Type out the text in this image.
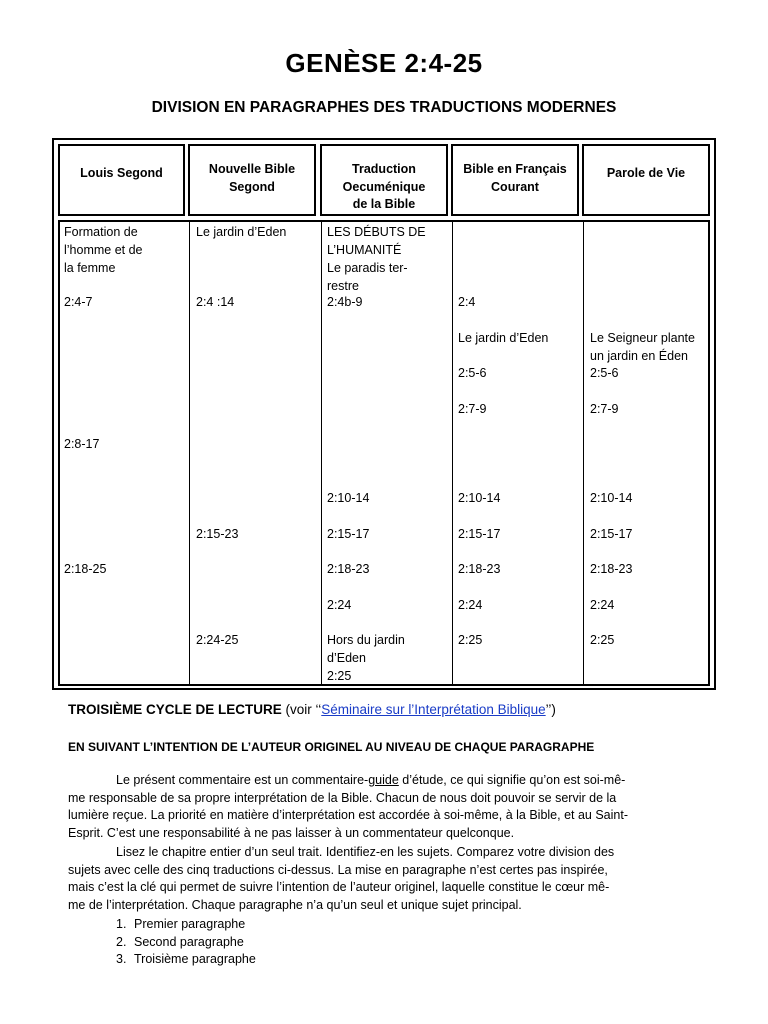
GENÈSE 2:4-25
DIVISION EN PARAGRAPHES DES TRADUCTIONS MODERNES
Louis Segond	Nouvelle Bible
Segond
Traduction
Oecuménique
de la Bible
Bible en Français
Courant
Parole de Vie
Formation de
l’homme et de
la femme
2:4-7
2:8-17
2:18-25
Le jardin d’Eden
2:4 :14
2:15-23
2:24-25
LES DÉBUTS DE
L’HUMANITÉ
Le paradis ter-
restre
2:4b-9
2:10-14
2:15-17
2:18-23
2:24
Hors du jardin
d’Eden
2:25
2:4
Le jardin d’Eden
2:5-6
2:7-9
2:10-14
2:15-17
2:18-23
2:24
2:25
Le Seigneur plante
un jardin en Éden
2:5-6
2:7-9
2:10-14
2:15-17
2:18-23
2:24
2:25
TROISIÈME CYCLE DE LECTURE (voir ‘‘Séminaire sur l’Interprétation Biblique’’)
EN SUIVANT L’INTENTION DE L’AUTEUR ORIGINEL AU NIVEAU DE CHAQUE PARAGRAPHE
Le présent commentaire est un commentaire-guide d’étude, ce qui signifie qu’on est soi-mê-
me responsable de sa propre interprétation de la Bible. Chacun de nous doit pouvoir se servir de la
lumière reçue. La priorité en matière d’interprétation est accordée à soi-même, à la Bible, et au Saint-
Esprit. C’est une responsabilité à ne pas laisser à un commentateur quelconque.
Lisez le chapitre entier d’un seul trait. Identifiez-en les sujets. Comparez votre division des
sujets avec celle des cinq traductions ci-dessus. La mise en paragraphe n’est certes pas inspirée,
mais c’est la clé qui permet de suivre l’intention de l’auteur originel, laquelle constitue le cœur mê-
me de l’interprétation. Chaque paragraphe n’a qu’un seul et unique sujet principal.
1. Premier paragraphe
2. Second paragraphe
3. Troisième paragraphe
